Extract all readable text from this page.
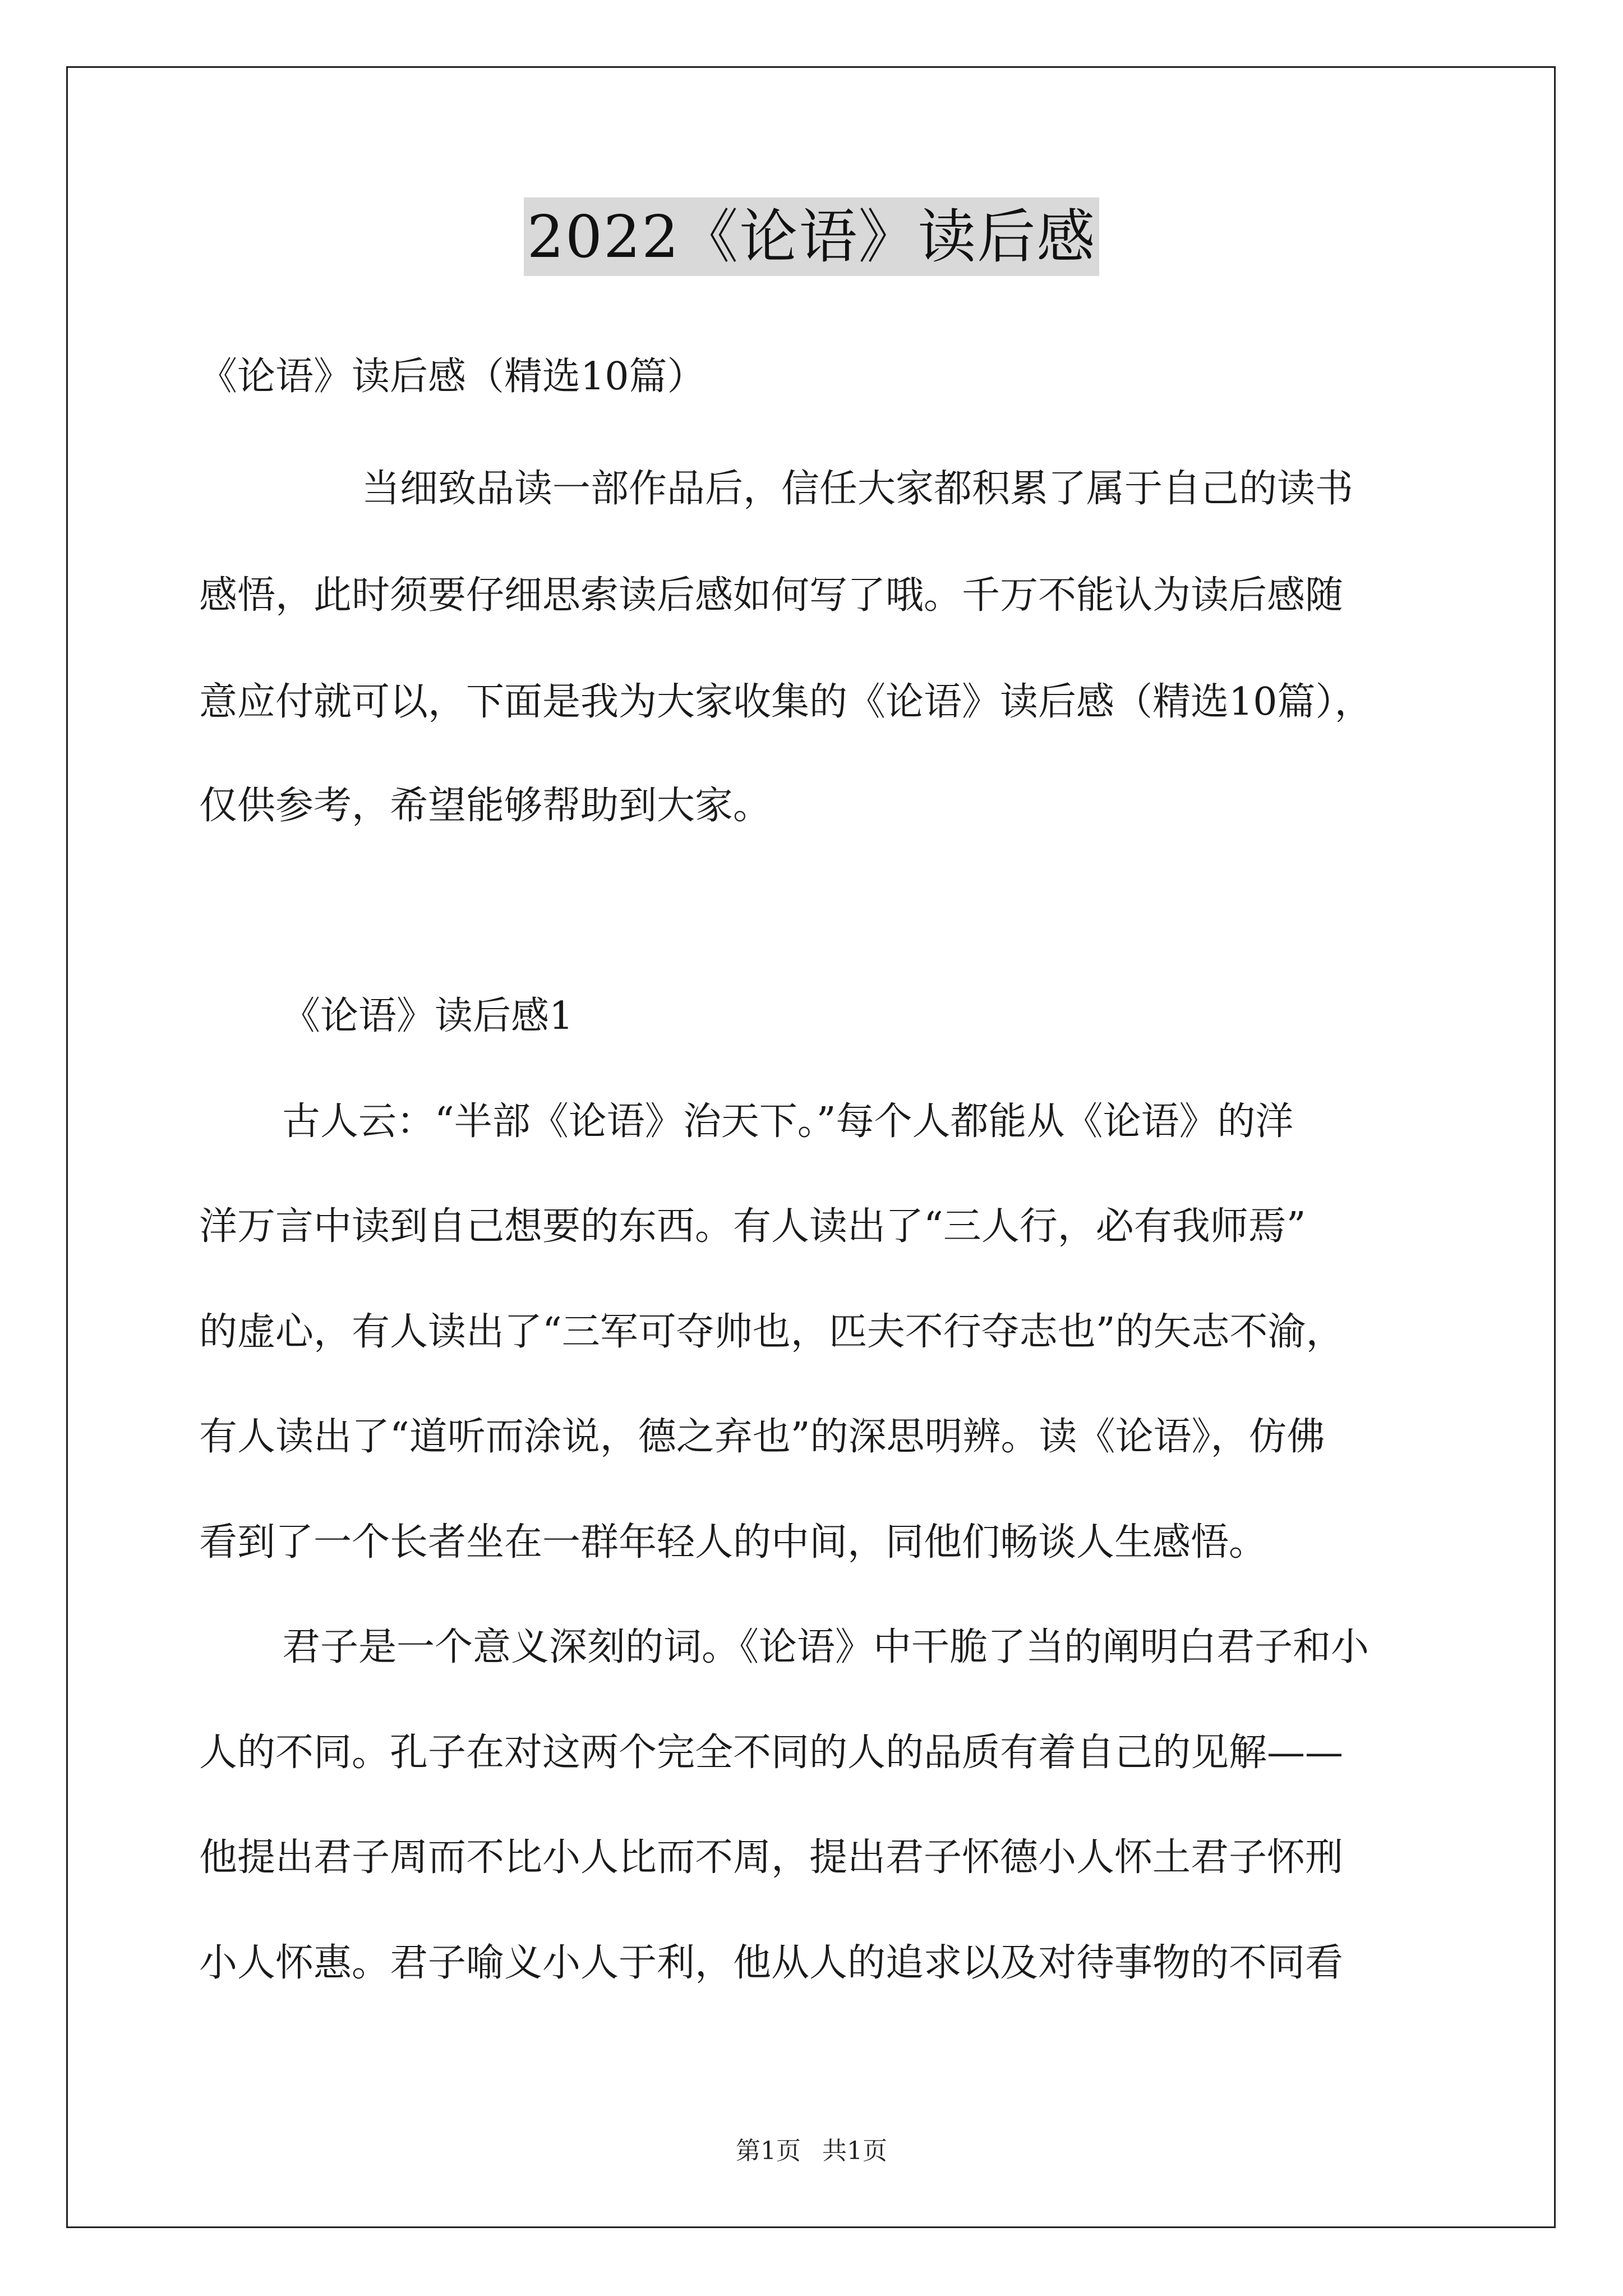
2022《论语》读后感
《论语》读后感（精选10篇）
当细致品读一部作品后，信任大家都积累了属于自己的读书
感悟，此时须要仔细思索读后感如何写了哦。千万不能认为读后感随
意应付就可以，下面是我为大家收集的《论语》读后感（精选10篇），
仅供参考，希望能够帮助到大家。
《论语》读后感1
古人云：“半部《论语》治天下。”每个人都能从《论语》的洋
洋万言中读到自己想要的东西。有人读出了“三人行，必有我师焉”
的虚心，有人读出了“三军可夺帅也，匹夫不行夺志也”的矢志不渝，
有人读出了“道听而涂说，德之弃也”的深思明辨。读《论语》，仿佛
看到了一个长者坐在一群年轻人的中间，同他们畅谈人生感悟。
君子是一个意义深刻的词。《论语》中干脆了当的阐明白君子和小
人的不同。孔子在对这两个完全不同的人的品质有着自己的见解——
他提出君子周而不比小人比而不周，提出君子怀德小人怀土君子怀刑
小人怀惠。君子喻义小人于利，他从人的追求以及对待事物的不同看
第1页 共1页
